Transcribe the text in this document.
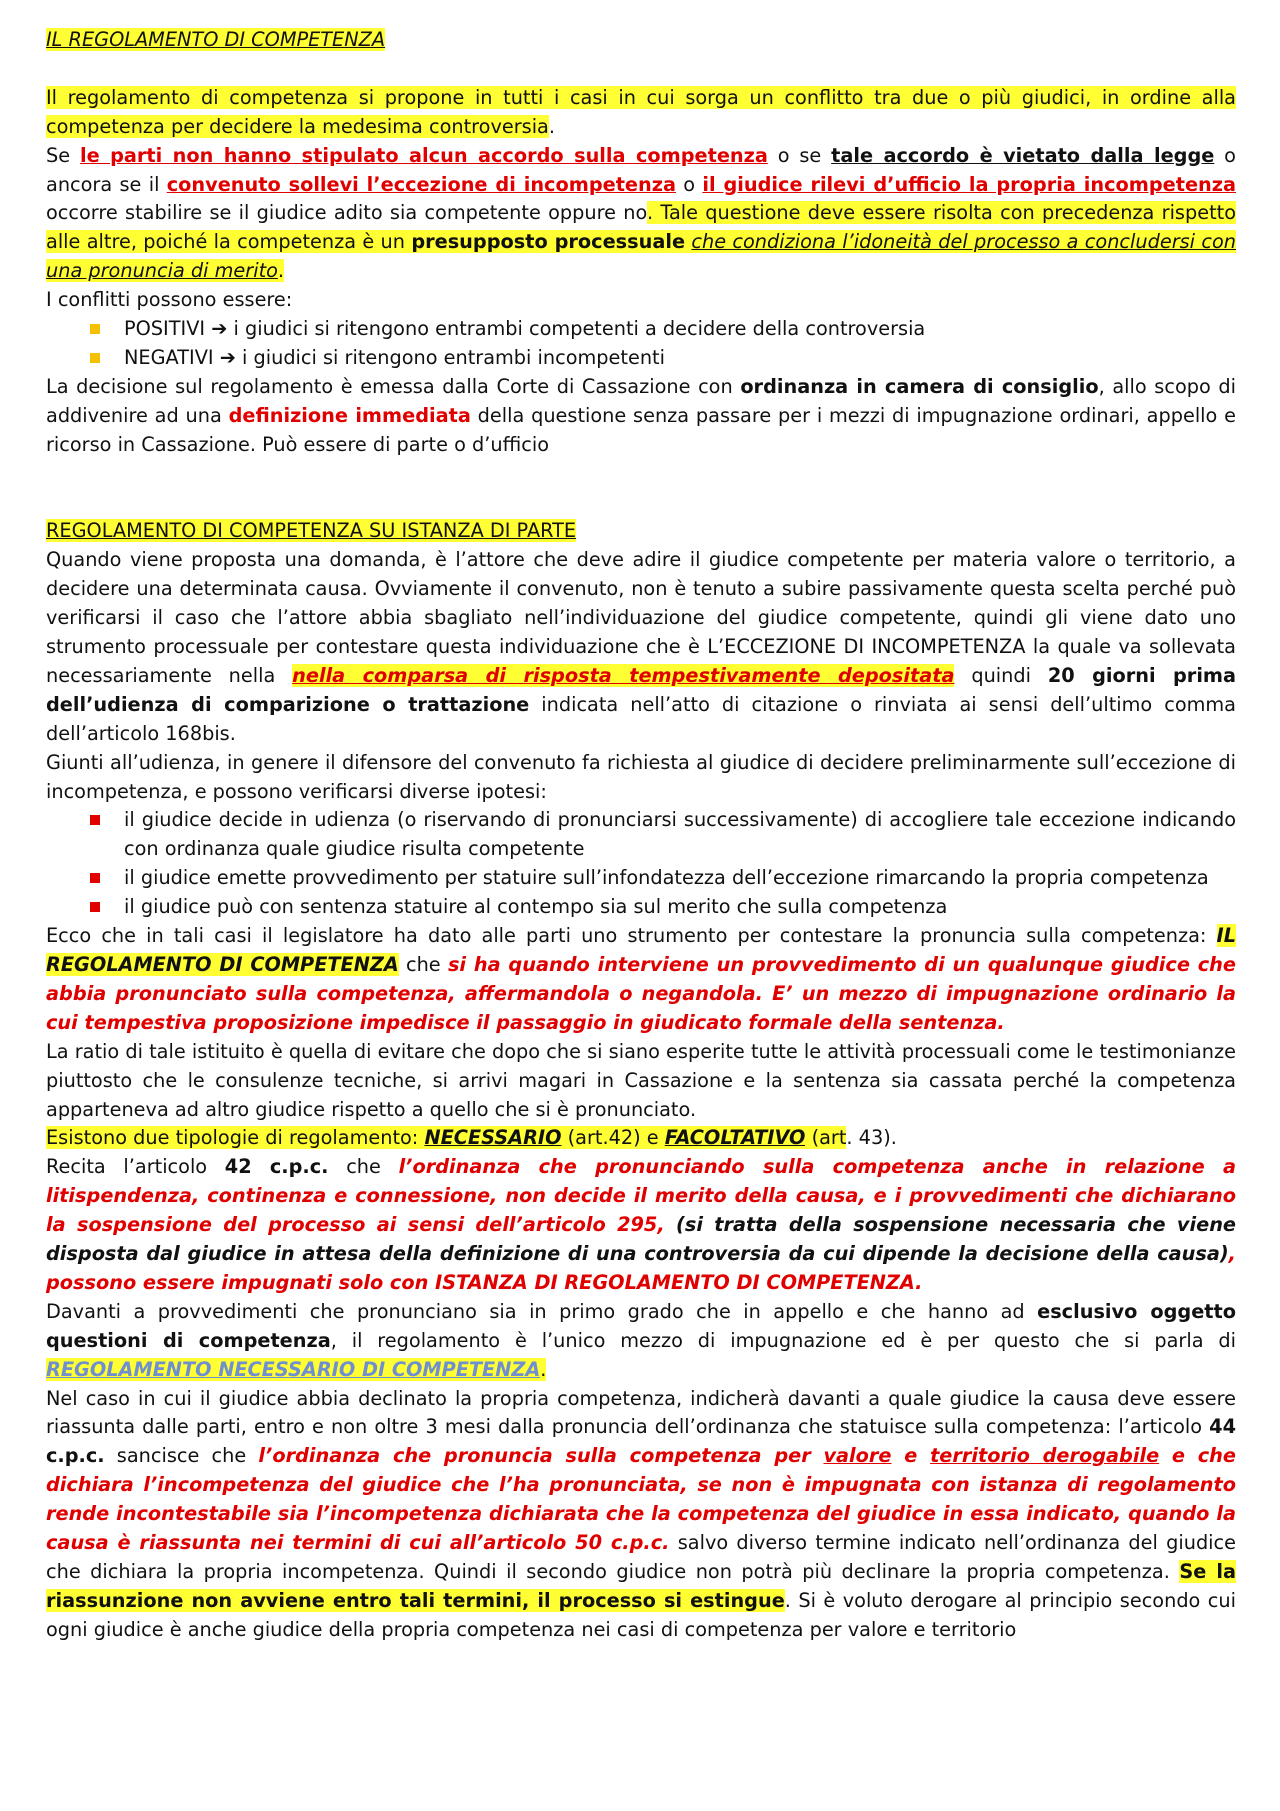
IL REGOLAMENTO DI COMPETENZA

Il regolamento di competenza si propone in tutti i casi in cui sorga un conflitto tra due o più giudici, in ordine alla competenza per decidere la medesima controversia.

Se le parti non hanno stipulato alcun accordo sulla competenza o se tale accordo è vietato dalla legge o ancora se il convenuto sollevi l’eccezione di incompetenza o il giudice rilevi d’ufficio la propria incompetenza occorre stabilire se il giudice adito sia competente oppure no. Tale questione deve essere risolta con precedenza rispetto alle altre, poiché la competenza è un presupposto processuale che condiziona l’idoneità del processo a concludersi con una pronuncia di merito.

I conflitti possono essere:

POSITIVI ➔ i giudici si ritengono entrambi competenti a decidere della controversia
NEGATIVI ➔ i giudici si ritengono entrambi incompetenti

La decisione sul regolamento è emessa dalla Corte di Cassazione con ordinanza in camera di consiglio, allo scopo di addivenire ad una definizione immediata della questione senza passare per i mezzi di impugnazione ordinari, appello e ricorso in Cassazione. Può essere di parte o d’ufficio

REGOLAMENTO DI COMPETENZA SU ISTANZA DI PARTE

Quando viene proposta una domanda, è l’attore che deve adire il giudice competente per materia valore o territorio, a decidere una determinata causa. Ovviamente il convenuto, non è tenuto a subire passivamente questa scelta perché può verificarsi il caso che l’attore abbia sbagliato nell’individuazione del giudice competente, quindi gli viene dato uno strumento processuale per contestare questa individuazione che è L’ECCEZIONE DI INCOMPETENZA la quale va sollevata necessariamente nella nella comparsa di risposta tempestivamente depositata quindi 20 giorni prima dell’udienza di comparizione o trattazione indicata nell’atto di citazione o rinviata ai sensi dell’ultimo comma dell’articolo 168bis.

Giunti all’udienza, in genere il difensore del convenuto fa richiesta al giudice di decidere preliminarmente sull’eccezione di incompetenza, e possono verificarsi diverse ipotesi:

il giudice decide in udienza (o riservando di pronunciarsi successivamente) di accogliere tale eccezione indicando con ordinanza quale giudice risulta competente
il giudice emette provvedimento per statuire sull’infondatezza dell’eccezione rimarcando la propria competenza
il giudice può con sentenza statuire al contempo sia sul merito che sulla competenza

Ecco che in tali casi il legislatore ha dato alle parti uno strumento per contestare la pronuncia sulla competenza: IL REGOLAMENTO DI COMPETENZA che si ha quando interviene un provvedimento di un qualunque giudice che abbia pronunciato sulla competenza, affermandola o negandola. E’ un mezzo di impugnazione ordinario la cui tempestiva proposizione impedisce il passaggio in giudicato formale della sentenza.

La ratio di tale istituito è quella di evitare che dopo che si siano esperite tutte le attività processuali come le testimonianze piuttosto che le consulenze tecniche, si arrivi magari in Cassazione e la sentenza sia cassata perché la competenza apparteneva ad altro giudice rispetto a quello che si è pronunciato.

Esistono due tipologie di regolamento: NECESSARIO (art.42) e FACOLTATIVO (art. 43).

Recita l’articolo 42 c.p.c. che l’ordinanza che pronunciando sulla competenza anche in relazione a litispendenza, continenza e connessione, non decide il merito della causa, e i provvedimenti che dichiarano la sospensione del processo ai sensi dell’articolo 295, (si tratta della sospensione necessaria che viene disposta dal giudice in attesa della definizione di una controversia da cui dipende la decisione della causa), possono essere impugnati solo con ISTANZA DI REGOLAMENTO DI COMPETENZA.

Davanti a provvedimenti che pronunciano sia in primo grado che in appello e che hanno ad esclusivo oggetto questioni di competenza, il regolamento è l’unico mezzo di impugnazione ed è per questo che si parla di REGOLAMENTO NECESSARIO DI COMPETENZA.

Nel caso in cui il giudice abbia declinato la propria competenza, indicherà davanti a quale giudice la causa deve essere riassunta dalle parti, entro e non oltre 3 mesi dalla pronuncia dell’ordinanza che statuisce sulla competenza: l’articolo 44 c.p.c. sancisce che l’ordinanza che pronuncia sulla competenza per valore e territorio derogabile e che dichiara l’incompetenza del giudice che l’ha pronunciata, se non è impugnata con istanza di regolamento rende incontestabile sia l’incompetenza dichiarata che la competenza del giudice in essa indicato, quando la causa è riassunta nei termini di cui all’articolo 50 c.p.c. salvo diverso termine indicato nell’ordinanza del giudice che dichiara la propria incompetenza. Quindi il secondo giudice non potrà più declinare la propria competenza. Se la riassunzione non avviene entro tali termini, il processo si estingue. Si è voluto derogare al principio secondo cui ogni giudice è anche giudice della propria competenza nei casi di competenza per valore e territorio
